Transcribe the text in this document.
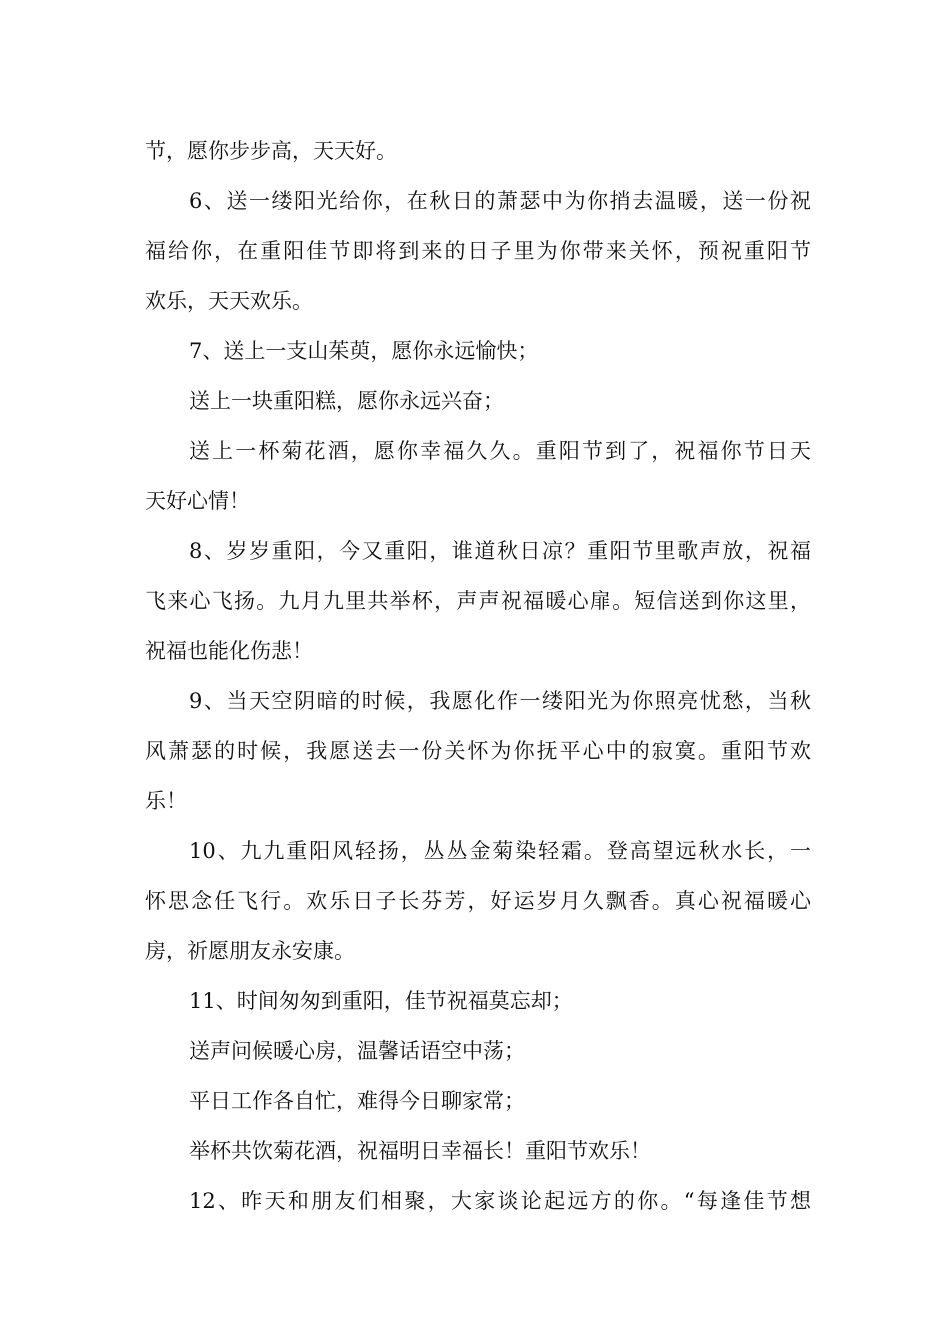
节，愿你步步高，天天好。
6、送一缕阳光给你，在秋日的萧瑟中为你捎去温暖，送一份祝
福给你，在重阳佳节即将到来的日子里为你带来关怀，预祝重阳节
欢乐，天天欢乐。
7、送上一支山茱萸，愿你永远愉快；
送上一块重阳糕，愿你永远兴奋；
送上一杯菊花酒，愿你幸福久久。重阳节到了，祝福你节日天
天好心情！
8、岁岁重阳，今又重阳，谁道秋日凉？重阳节里歌声放，祝福
飞来心飞扬。九月九里共举杯，声声祝福暖心扉。短信送到你这里，
祝福也能化伤悲！
9、当天空阴暗的时候，我愿化作一缕阳光为你照亮忧愁，当秋
风萧瑟的时候，我愿送去一份关怀为你抚平心中的寂寞。重阳节欢
乐！
10、九九重阳风轻扬，丛丛金菊染轻霜。登高望远秋水长，一
怀思念任飞行。欢乐日子长芬芳，好运岁月久飘香。真心祝福暖心
房，祈愿朋友永安康。
11、时间匆匆到重阳，佳节祝福莫忘却；
送声问候暖心房，温馨话语空中荡；
平日工作各自忙，难得今日聊家常；
举杯共饮菊花酒，祝福明日幸福长！重阳节欢乐！
12、昨天和朋友们相聚，大家谈论起远方的你。“每逢佳节想
